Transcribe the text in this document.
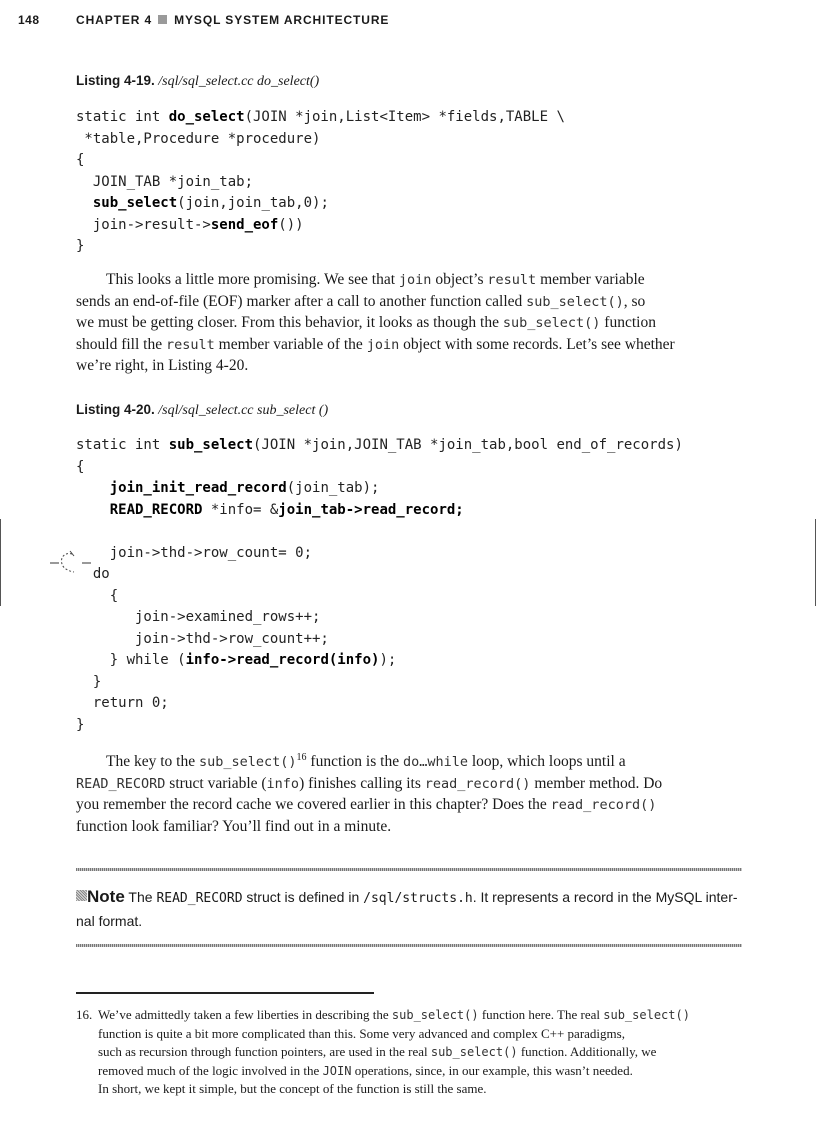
148	CHAPTER 4 MYSQL SYSTEM ARCHITECTURE
Listing 4-19. /sql/sql_select.cc do_select()
static int do_select(JOIN *join,List<Item> *fields,TABLE \
*table,Procedure *procedure)
{
JOIN_TAB *join_tab;
sub_select(join,join_tab,0);
join->result->send_eof())
}
This looks a little more promising. We see that join object’s result member variable
sends an end-of-file (EOF) marker after a call to another function called sub_select(), so
we must be getting closer. From this behavior, it looks as though the sub_select() function
should fill the result member variable of the join object with some records. Let’s see whether
we’re right, in Listing 4-20.
Listing 4-20. /sql/sql_select.cc sub_select ()
static int sub_select(JOIN *join,JOIN_TAB *join_tab,bool end_of_records)
{
join_init_read_record(join_tab);
READ_RECORD *info= &join_tab->read_record;

join->thd->row_count= 0;
do
{
join->examined_rows++;
join->thd->row_count++;
} while (info->read_record(info));
}
return 0;
}
The key to the sub_select()$^{16}$ function is the do…while loop, which loops until a
READ_RECORD struct variable (info) finishes calling its read_record() member method. Do
you remember the record cache we covered earlier in this chapter? Does the read_record()
function look familiar? You’ll find out in a minute.
Note The READ_RECORD struct is defined in /sql/structs.h. It represents a record in the MySQL inter-
nal format.
16. We’ve admittedly taken a few liberties in describing the sub_select() function here. The real sub_select()
function is quite a bit more complicated than this. Some very advanced and complex C++ paradigms,
such as recursion through function pointers, are used in the real sub_select() function. Additionally, we
removed much of the logic involved in the JOIN operations, since, in our example, this wasn’t needed.
In short, we kept it simple, but the concept of the function is still the same.
